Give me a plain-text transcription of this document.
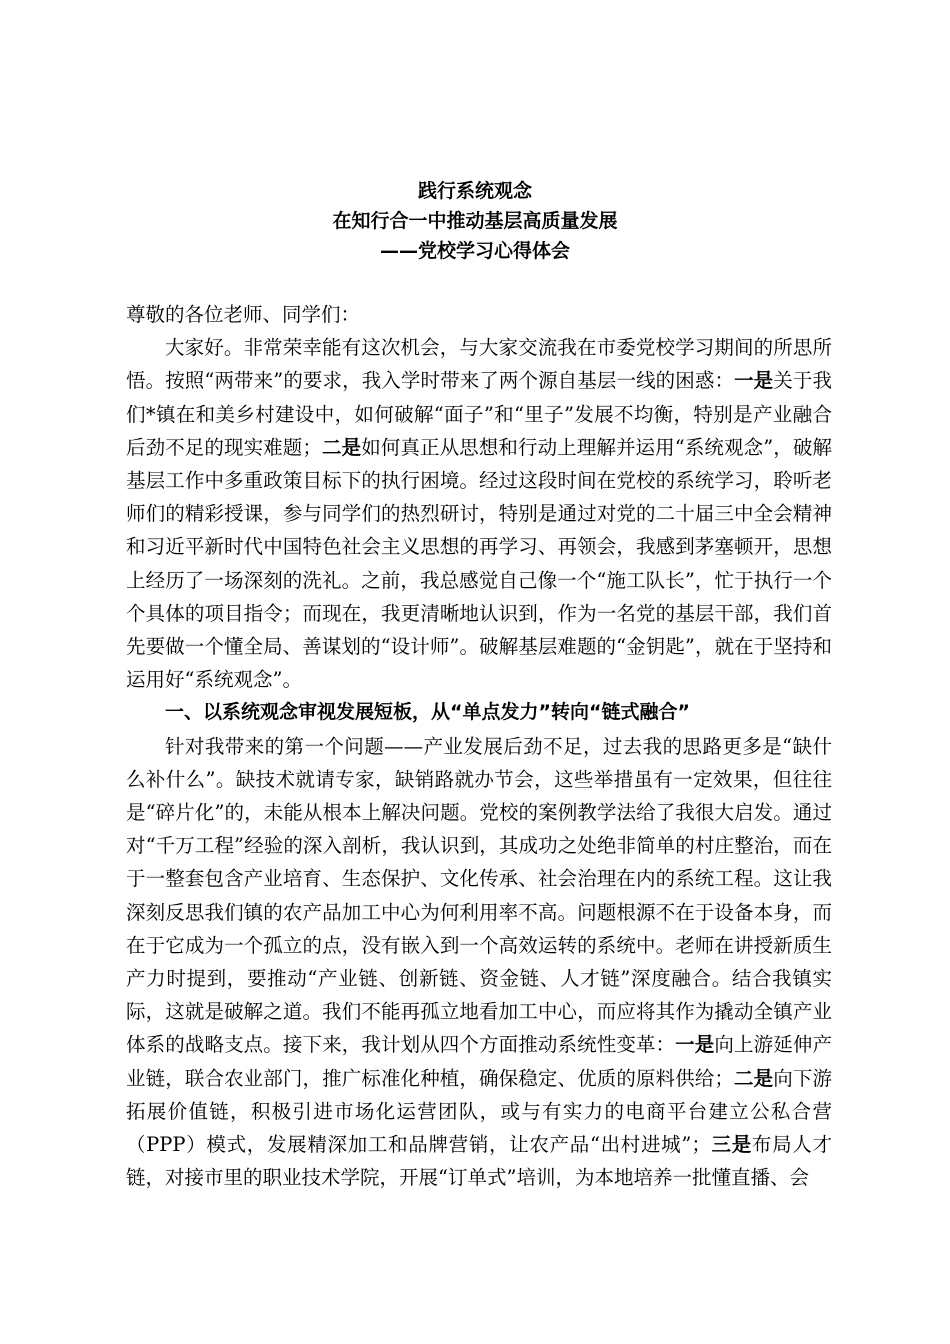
践行系统观念
在知行合一中推动基层高质量发展
——党校学习心得体会

尊敬的各位老师、同学们：

大家好。非常荣幸能有这次机会，与大家交流我在市委党校学习期间的所思所悟。按照“两带来”的要求，我入学时带来了两个源自基层一线的困惑：一是关于我们*镇在和美乡村建设中，如何破解“面子”和“里子”发展不均衡，特别是产业融合后劲不足的现实难题；二是如何真正从思想和行动上理解并运用“系统观念”，破解基层工作中多重政策目标下的执行困境。经过这段时间在党校的系统学习，聆听老师们的精彩授课，参与同学们的热烈研讨，特别是通过对党的二十届三中全会精神和习近平新时代中国特色社会主义思想的再学习、再领会，我感到茅塞顿开，思想上经历了一场深刻的洗礼。之前，我总感觉自己像一个“施工队长”，忙于执行一个个具体的项目指令；而现在，我更清晰地认识到，作为一名党的基层干部，我们首先要做一个懂全局、善谋划的“设计师”。破解基层难题的“金钥匙”，就在于坚持和运用好“系统观念”。

一、以系统观念审视发展短板，从“单点发力”转向“链式融合”

针对我带来的第一个问题——产业发展后劲不足，过去我的思路更多是“缺什么补什么”。缺技术就请专家，缺销路就办节会，这些举措虽有一定效果，但往往是“碎片化”的，未能从根本上解决问题。党校的案例教学法给了我很大启发。通过对“千万工程”经验的深入剖析，我认识到，其成功之处绝非简单的村庄整治，而在于一整套包含产业培育、生态保护、文化传承、社会治理在内的系统工程。这让我深刻反思我们镇的农产品加工中心为何利用率不高。问题根源不在于设备本身，而在于它成为一个孤立的点，没有嵌入到一个高效运转的系统中。老师在讲授新质生产力时提到，要推动“产业链、创新链、资金链、人才链”深度融合。结合我镇实际，这就是破解之道。我们不能再孤立地看加工中心，而应将其作为撬动全镇产业体系的战略支点。接下来，我计划从四个方面推动系统性变革：一是向上游延伸产业链，联合农业部门，推广标准化种植，确保稳定、优质的原料供给；二是向下游拓展价值链，积极引进市场化运营团队，或与有实力的电商平台建立公私合营（PPP）模式，发展精深加工和品牌营销，让农产品“出村进城”；三是布局人才链，对接市里的职业技术学院，开展“订单式”培训，为本地培养一批懂直播、会
